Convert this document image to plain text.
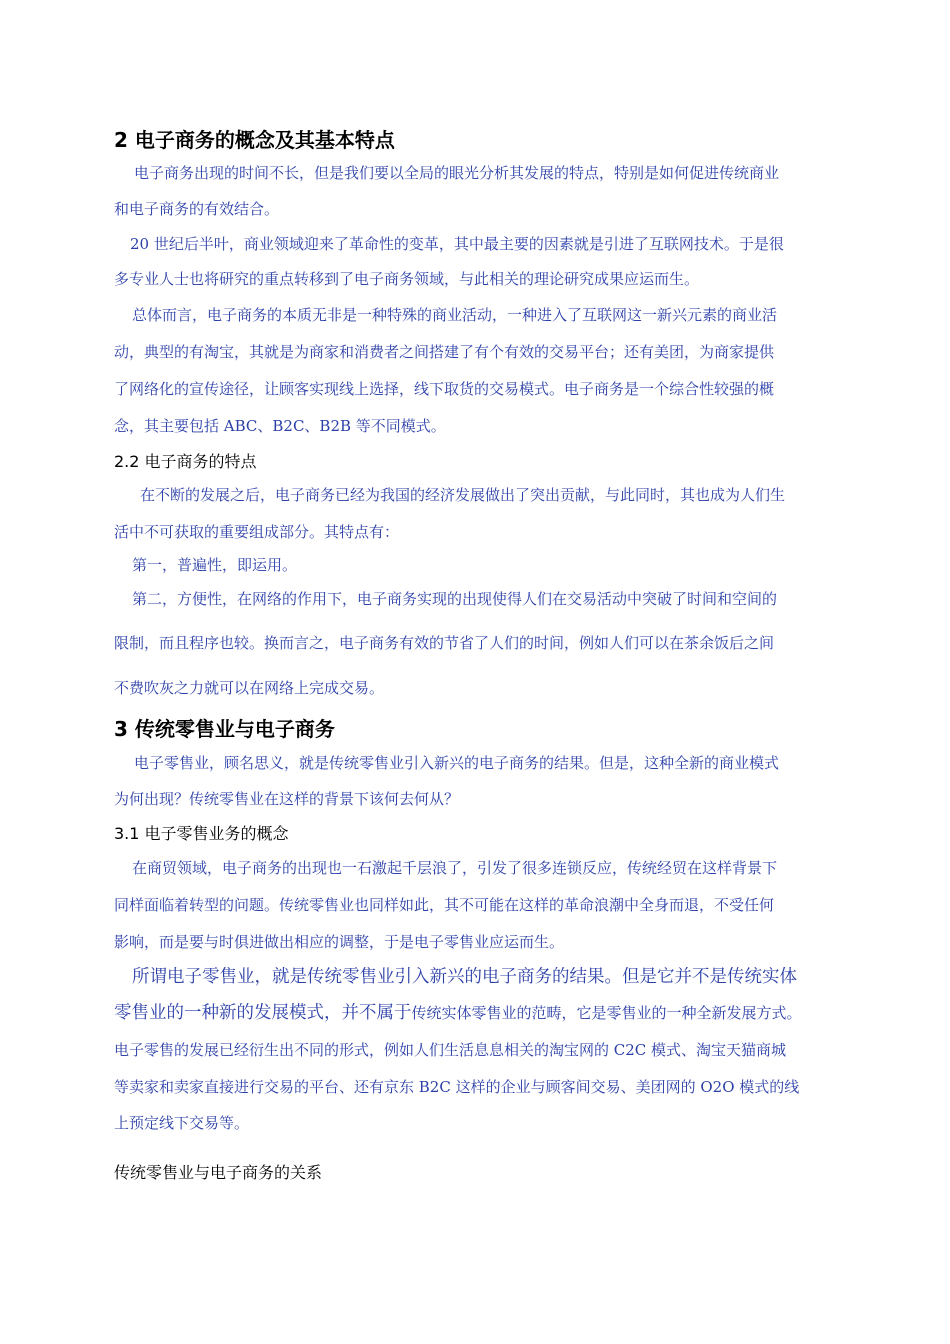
2 电子商务的概念及其基本特点
电子商务出现的时间不长，但是我们要以全局的眼光分析其发展的特点，特别是如何促进传统商业
和电子商务的有效结合。
20 世纪后半叶，商业领域迎来了革命性的变革，其中最主要的因素就是引进了互联网技术。于是很
多专业人士也将研究的重点转移到了电子商务领域，与此相关的理论研究成果应运而生。
总体而言，电子商务的本质无非是一种特殊的商业活动，一种进入了互联网这一新兴元素的商业活
动，典型的有淘宝，其就是为商家和消费者之间搭建了有个有效的交易平台；还有美团，为商家提供
了网络化的宣传途径，让顾客实现线上选择，线下取货的交易模式。电子商务是一个综合性较强的概
念，其主要包括 ABC、B2C、B2B 等不同模式。
2.2 电子商务的特点
在不断的发展之后，电子商务已经为我国的经济发展做出了突出贡献，与此同时，其也成为人们生
活中不可获取的重要组成部分。其特点有：
第一，普遍性，即运用。
第二，方便性，在网络的作用下，电子商务实现的出现使得人们在交易活动中突破了时间和空间的
限制，而且程序也较。换而言之，电子商务有效的节省了人们的时间，例如人们可以在茶余饭后之间
不费吹灰之力就可以在网络上完成交易。
3 传统零售业与电子商务
电子零售业，顾名思义，就是传统零售业引入新兴的电子商务的结果。但是，这种全新的商业模式
为何出现？传统零售业在这样的背景下该何去何从？
3.1 电子零售业务的概念
在商贸领域，电子商务的出现也一石激起千层浪了，引发了很多连锁反应，传统经贸在这样背景下
同样面临着转型的问题。传统零售业也同样如此，其不可能在这样的革命浪潮中全身而退，不受任何
影响，而是要与时俱进做出相应的调整，于是电子零售业应运而生。
所谓电子零售业，就是传统零售业引入新兴的电子商务的结果。但是它并不是传统实体
零售业的一种新的发展模式，并不属于传统实体零售业的范畴，它是零售业的一种全新发展方式。
电子零售的发展已经衍生出不同的形式，例如人们生活息息相关的淘宝网的 C2C 模式、淘宝天猫商城
等卖家和卖家直接进行交易的平台、还有京东 B2C 这样的企业与顾客间交易、美团网的 O2O 模式的线
上预定线下交易等。
传统零售业与电子商务的关系
